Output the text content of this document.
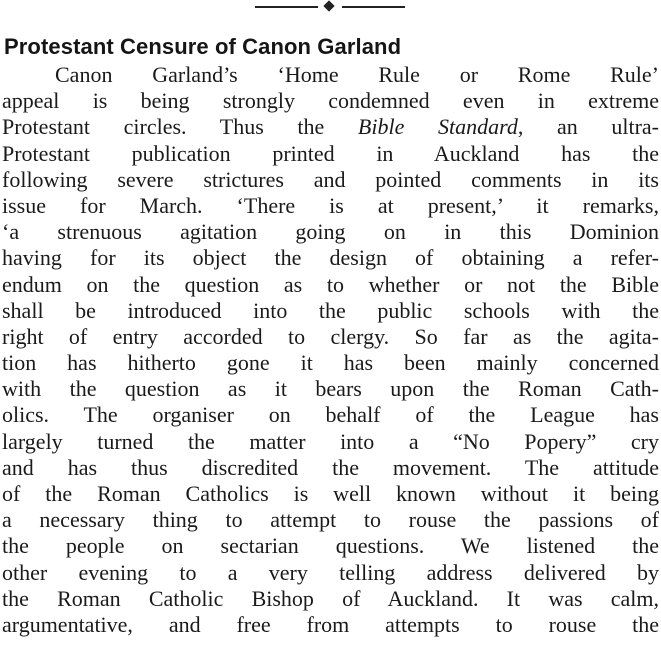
Protestant Censure of Canon Garland
Canon Garland’s ‘Home Rule or Rome Rule’
appeal is being strongly condemned even in extreme
Protestant circles. Thus the Bible Standard, an ultra-
Protestant publication printed in Auckland has the
following severe strictures and pointed comments in its
issue for March. ‘There is at present,’ it remarks,
‘a strenuous agitation going on in this Dominion
having for its object the design of obtaining a refer-
endum on the question as to whether or not the Bible
shall be introduced into the public schools with the
right of entry accorded to clergy. So far as the agita-
tion has hitherto gone it has been mainly concerned
with the question as it bears upon the Roman Cath-
olics. The organiser on behalf of the League has
largely turned the matter into a “No Popery” cry
and has thus discredited the movement. The attitude
of the Roman Catholics is well known without it being
a necessary thing to attempt to rouse the passions of
the people on sectarian questions. We listened the
other evening to a very telling address delivered by
the Roman Catholic Bishop of Auckland. It was calm,
argumentative, and free from attempts to rouse the
